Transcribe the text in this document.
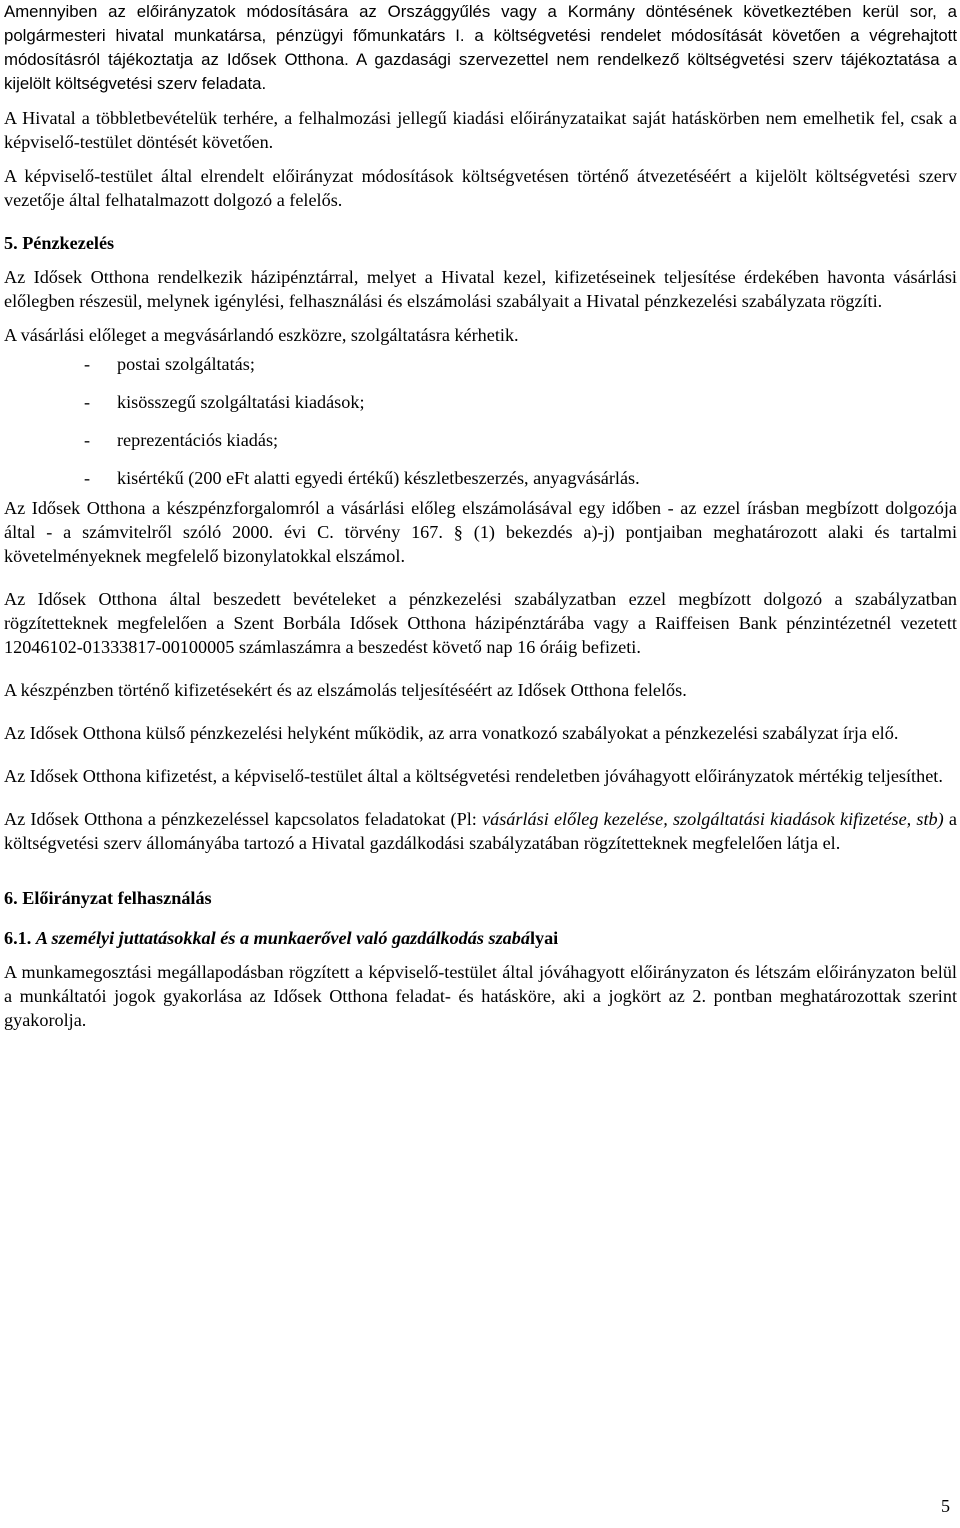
Amennyiben az előirányzatok módosítására az Országgyűlés vagy a Kormány döntésének következtében kerül sor, a polgármesteri hivatal munkatársa, pénzügyi főmunkatárs I. a költségvetési rendelet módosítását követően a végrehajtott módosításról tájékoztatja az Idősek Otthona. A gazdasági szervezettel nem rendelkező költségvetési szerv tájékoztatása a kijelölt költségvetési szerv feladata.

A Hivatal a többletbevételük terhére, a felhalmozási jellegű kiadási előirányzataikat saját hatáskörben nem emelhetik fel, csak a képviselő-testület döntését követően.

A képviselő-testület által elrendelt előirányzat módosítások költségvetésen történő átvezetéséért a kijelölt költségvetési szerv vezetője által felhatalmazott dolgozó a felelős.

5. Pénzkezelés

Az Idősek Otthona rendelkezik házipénztárral, melyet a Hivatal kezel, kifizetéseinek teljesítése érdekében havonta vásárlási előlegben részesül, melynek igénylési, felhasználási és elszámolási szabályait a Hivatal pénzkezelési szabályzata rögzíti.

A vásárlási előleget a megvásárlandó eszközre, szolgáltatásra kérhetik.

- postai szolgáltatás;
- kisösszegű szolgáltatási kiadások;
- reprezentációs kiadás;
- kisértékű (200 eFt alatti egyedi értékű) készletbeszerzés, anyagvásárlás.

Az Idősek Otthona a készpénzforgalomról a vásárlási előleg elszámolásával egy időben - az ezzel írásban megbízott dolgozója által - a számvitelről szóló 2000. évi C. törvény 167. § (1) bekezdés a)-j) pontjaiban meghatározott alaki és tartalmi követelményeknek megfelelő bizonylatokkal elszámol.

Az Idősek Otthona által beszedett bevételeket a pénzkezelési szabályzatban ezzel megbízott dolgozó a szabályzatban rögzítetteknek megfelelően a Szent Borbála Idősek Otthona házipénztárába vagy a Raiffeisen Bank pénzintézetnél vezetett 12046102-01333817-00100005 számlaszámra a beszedést követő nap 16 óráig befizeti.

A készpénzben történő kifizetésekért és az elszámolás teljesítéséért az Idősek Otthona felelős.

Az Idősek Otthona külső pénzkezelési helyként működik, az arra vonatkozó szabályokat a pénzkezelési szabályzat írja elő.

Az Idősek Otthona kifizetést, a képviselő-testület által a költségvetési rendeletben jóváhagyott előirányzatok mértékig teljesíthet.

Az Idősek Otthona a pénzkezeléssel kapcsolatos feladatokat (Pl: vásárlási előleg kezelése, szolgáltatási kiadások kifizetése, stb) a költségvetési szerv állományába tartozó a Hivatal gazdálkodási szabályzatában rögzítetteknek megfelelően látja el.

6. Előirányzat felhasználás
6.1. A személyi juttatásokkal és a munkaerővel való gazdálkodás szabályai

A munkamegosztási megállapodásban rögzített a képviselő-testület által jóváhagyott előirányzaton és létszám előirányzaton belül a munkáltatói jogok gyakorlása az Idősek Otthona feladat- és hatásköre, aki a jogkört az 2. pontban meghatározottak szerint gyakorolja.

5
